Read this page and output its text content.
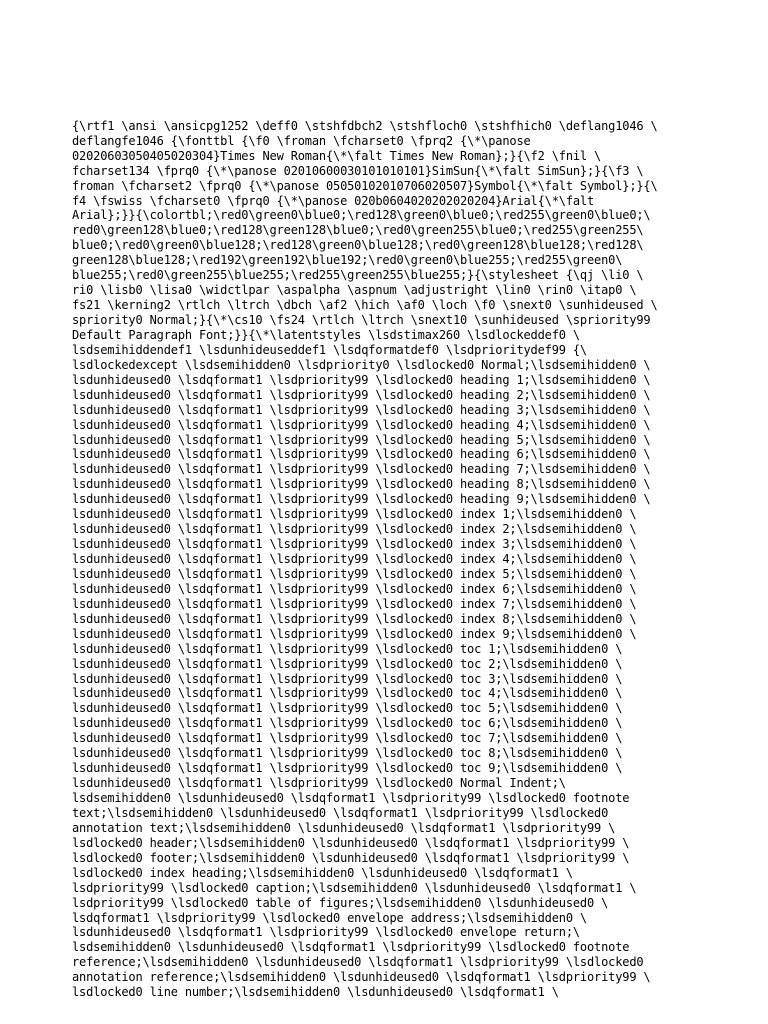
{\rtf1 \ansi \ansicpg1252 \deff0 \stshfdbch2 \stshfloch0 \stshfhich0 \deflang1046 \
deflangfe1046 {\fonttbl {\f0 \froman \fcharset0 \fprq2 {\*\panose
02020603050405020304}Times New Roman{\*\falt Times New Roman};}{\f2 \fnil \
fcharset134 \fprq0 {\*\panose 02010600030101010101}SimSun{\*\falt SimSun};}{\f3 \
froman \fcharset2 \fprq0 {\*\panose 05050102010706020507}Symbol{\*\falt Symbol};}{\
f4 \fswiss \fcharset0 \fprq0 {\*\panose 020b0604020202020204}Arial{\*\falt
Arial};}}{\colortbl;\red0\green0\blue0;\red128\green0\blue0;\red255\green0\blue0;\
red0\green128\blue0;\red128\green128\blue0;\red0\green255\blue0;\red255\green255\
blue0;\red0\green0\blue128;\red128\green0\blue128;\red0\green128\blue128;\red128\
green128\blue128;\red192\green192\blue192;\red0\green0\blue255;\red255\green0\
blue255;\red0\green255\blue255;\red255\green255\blue255;}{\stylesheet {\qj \li0 \
ri0 \lisb0 \lisa0 \widctlpar \aspalpha \aspnum \adjustright \lin0 \rin0 \itap0 \
fs21 \kerning2 \rtlch \ltrch \dbch \af2 \hich \af0 \loch \f0 \snext0 \sunhideused \
spriority0 Normal;}{\*\cs10 \fs24 \rtlch \ltrch \snext10 \sunhideused \spriority99
Default Paragraph Font;}}{\*\latentstyles \lsdstimax260 \lsdlockeddef0 \
lsdsemihiddendef1 \lsdunhideuseddef1 \lsdqformatdef0 \lsdprioritydef99 {\
lsdlockedexcept \lsdsemihidden0 \lsdpriority0 \lsdlocked0 Normal;\lsdsemihidden0 \
lsdunhideused0 \lsdqformat1 \lsdpriority99 \lsdlocked0 heading 1;\lsdsemihidden0 \
lsdunhideused0 \lsdqformat1 \lsdpriority99 \lsdlocked0 heading 2;\lsdsemihidden0 \
lsdunhideused0 \lsdqformat1 \lsdpriority99 \lsdlocked0 heading 3;\lsdsemihidden0 \
lsdunhideused0 \lsdqformat1 \lsdpriority99 \lsdlocked0 heading 4;\lsdsemihidden0 \
lsdunhideused0 \lsdqformat1 \lsdpriority99 \lsdlocked0 heading 5;\lsdsemihidden0 \
lsdunhideused0 \lsdqformat1 \lsdpriority99 \lsdlocked0 heading 6;\lsdsemihidden0 \
lsdunhideused0 \lsdqformat1 \lsdpriority99 \lsdlocked0 heading 7;\lsdsemihidden0 \
lsdunhideused0 \lsdqformat1 \lsdpriority99 \lsdlocked0 heading 8;\lsdsemihidden0 \
lsdunhideused0 \lsdqformat1 \lsdpriority99 \lsdlocked0 heading 9;\lsdsemihidden0 \
lsdunhideused0 \lsdqformat1 \lsdpriority99 \lsdlocked0 index 1;\lsdsemihidden0 \
lsdunhideused0 \lsdqformat1 \lsdpriority99 \lsdlocked0 index 2;\lsdsemihidden0 \
lsdunhideused0 \lsdqformat1 \lsdpriority99 \lsdlocked0 index 3;\lsdsemihidden0 \
lsdunhideused0 \lsdqformat1 \lsdpriority99 \lsdlocked0 index 4;\lsdsemihidden0 \
lsdunhideused0 \lsdqformat1 \lsdpriority99 \lsdlocked0 index 5;\lsdsemihidden0 \
lsdunhideused0 \lsdqformat1 \lsdpriority99 \lsdlocked0 index 6;\lsdsemihidden0 \
lsdunhideused0 \lsdqformat1 \lsdpriority99 \lsdlocked0 index 7;\lsdsemihidden0 \
lsdunhideused0 \lsdqformat1 \lsdpriority99 \lsdlocked0 index 8;\lsdsemihidden0 \
lsdunhideused0 \lsdqformat1 \lsdpriority99 \lsdlocked0 index 9;\lsdsemihidden0 \
lsdunhideused0 \lsdqformat1 \lsdpriority99 \lsdlocked0 toc 1;\lsdsemihidden0 \
lsdunhideused0 \lsdqformat1 \lsdpriority99 \lsdlocked0 toc 2;\lsdsemihidden0 \
lsdunhideused0 \lsdqformat1 \lsdpriority99 \lsdlocked0 toc 3;\lsdsemihidden0 \
lsdunhideused0 \lsdqformat1 \lsdpriority99 \lsdlocked0 toc 4;\lsdsemihidden0 \
lsdunhideused0 \lsdqformat1 \lsdpriority99 \lsdlocked0 toc 5;\lsdsemihidden0 \
lsdunhideused0 \lsdqformat1 \lsdpriority99 \lsdlocked0 toc 6;\lsdsemihidden0 \
lsdunhideused0 \lsdqformat1 \lsdpriority99 \lsdlocked0 toc 7;\lsdsemihidden0 \
lsdunhideused0 \lsdqformat1 \lsdpriority99 \lsdlocked0 toc 8;\lsdsemihidden0 \
lsdunhideused0 \lsdqformat1 \lsdpriority99 \lsdlocked0 toc 9;\lsdsemihidden0 \
lsdunhideused0 \lsdqformat1 \lsdpriority99 \lsdlocked0 Normal Indent;\
lsdsemihidden0 \lsdunhideused0 \lsdqformat1 \lsdpriority99 \lsdlocked0 footnote
text;\lsdsemihidden0 \lsdunhideused0 \lsdqformat1 \lsdpriority99 \lsdlocked0
annotation text;\lsdsemihidden0 \lsdunhideused0 \lsdqformat1 \lsdpriority99 \
lsdlocked0 header;\lsdsemihidden0 \lsdunhideused0 \lsdqformat1 \lsdpriority99 \
lsdlocked0 footer;\lsdsemihidden0 \lsdunhideused0 \lsdqformat1 \lsdpriority99 \
lsdlocked0 index heading;\lsdsemihidden0 \lsdunhideused0 \lsdqformat1 \
lsdpriority99 \lsdlocked0 caption;\lsdsemihidden0 \lsdunhideused0 \lsdqformat1 \
lsdpriority99 \lsdlocked0 table of figures;\lsdsemihidden0 \lsdunhideused0 \
lsdqformat1 \lsdpriority99 \lsdlocked0 envelope address;\lsdsemihidden0 \
lsdunhideused0 \lsdqformat1 \lsdpriority99 \lsdlocked0 envelope return;\
lsdsemihidden0 \lsdunhideused0 \lsdqformat1 \lsdpriority99 \lsdlocked0 footnote
reference;\lsdsemihidden0 \lsdunhideused0 \lsdqformat1 \lsdpriority99 \lsdlocked0
annotation reference;\lsdsemihidden0 \lsdunhideused0 \lsdqformat1 \lsdpriority99 \
lsdlocked0 line number;\lsdsemihidden0 \lsdunhideused0 \lsdqformat1 \
